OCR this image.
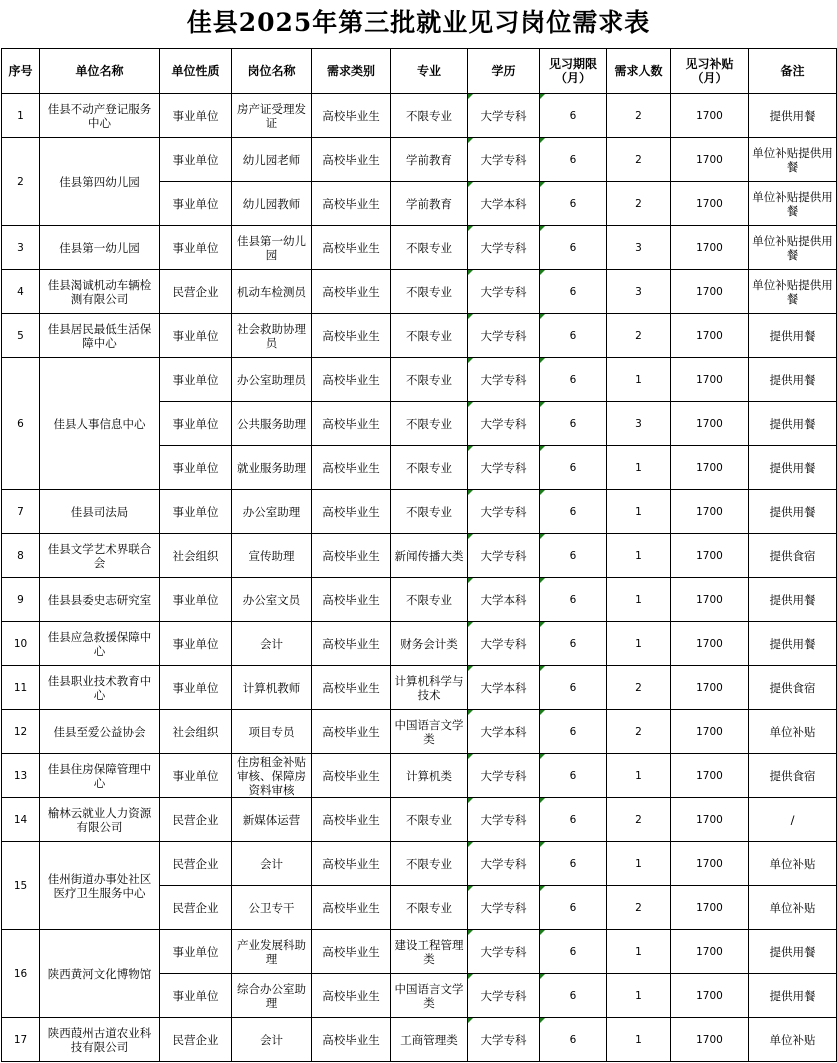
佳县2025年第三批就业见习岗位需求表
序号	单位名称	单位性质	岗位名称	需求类别	专业	学历	见习期限（月）	需求人数	见习补贴（月）	备注
1	佳县不动产登记服务中心	事业单位	房产证受理发证	高校毕业生	不限专业	大学专科	6	2	1700	提供用餐
2	佳县第四幼儿园	事业单位	幼儿园老师	高校毕业生	学前教育	大学专科	6	2	1700	单位补贴提供用餐
		事业单位	幼儿园教师	高校毕业生	学前教育	大学本科	6	2	1700	单位补贴提供用餐
3	佳县第一幼儿园	事业单位	佳县第一幼儿园	高校毕业生	不限专业	大学专科	6	3	1700	单位补贴提供用餐
4	佳县渴诚机动车辆检测有限公司	民营企业	机动车检测员	高校毕业生	不限专业	大学专科	6	3	1700	单位补贴提供用餐
5	佳县居民最低生活保障中心	事业单位	社会救助协理员	高校毕业生	不限专业	大学专科	6	2	1700	提供用餐
6	佳县人事信息中心	事业单位	办公室助理员	高校毕业生	不限专业	大学专科	6	1	1700	提供用餐
		事业单位	公共服务助理	高校毕业生	不限专业	大学专科	6	3	1700	提供用餐
		事业单位	就业服务助理	高校毕业生	不限专业	大学专科	6	1	1700	提供用餐
7	佳县司法局	事业单位	办公室助理	高校毕业生	不限专业	大学专科	6	1	1700	提供用餐
8	佳县文学艺术界联合会	社会组织	宣传助理	高校毕业生	新闻传播大类	大学专科	6	1	1700	提供食宿
9	佳县县委史志研究室	事业单位	办公室文员	高校毕业生	不限专业	大学本科	6	1	1700	提供用餐
10	佳县应急救援保障中心	事业单位	会计	高校毕业生	财务会计类	大学专科	6	1	1700	提供用餐
11	佳县职业技术教育中心	事业单位	计算机教师	高校毕业生	计算机科学与技术	大学本科	6	2	1700	提供食宿
12	佳县至爱公益协会	社会组织	项目专员	高校毕业生	中国语言文学类	大学本科	6	2	1700	单位补贴
13	佳县住房保障管理中心	事业单位	住房租金补贴审核、保障房资料审核	高校毕业生	计算机类	大学专科	6	1	1700	提供食宿
14	榆林云就业人力资源有限公司	民营企业	新媒体运营	高校毕业生	不限专业	大学专科	6	2	1700	/
15	佳州街道办事处社区医疗卫生服务中心	民营企业	会计	高校毕业生	不限专业	大学专科	6	1	1700	单位补贴
		民营企业	公卫专干	高校毕业生	不限专业	大学专科	6	2	1700	单位补贴
16	陕西黄河文化博物馆	事业单位	产业发展科助理	高校毕业生	建设工程管理类	大学专科	6	1	1700	提供用餐
		事业单位	综合办公室助理	高校毕业生	中国语言文学类	大学专科	6	1	1700	提供用餐
17	陕西葭州古道农业科技有限公司	民营企业	会计	高校毕业生	工商管理类	大学专科	6	1	1700	单位补贴
